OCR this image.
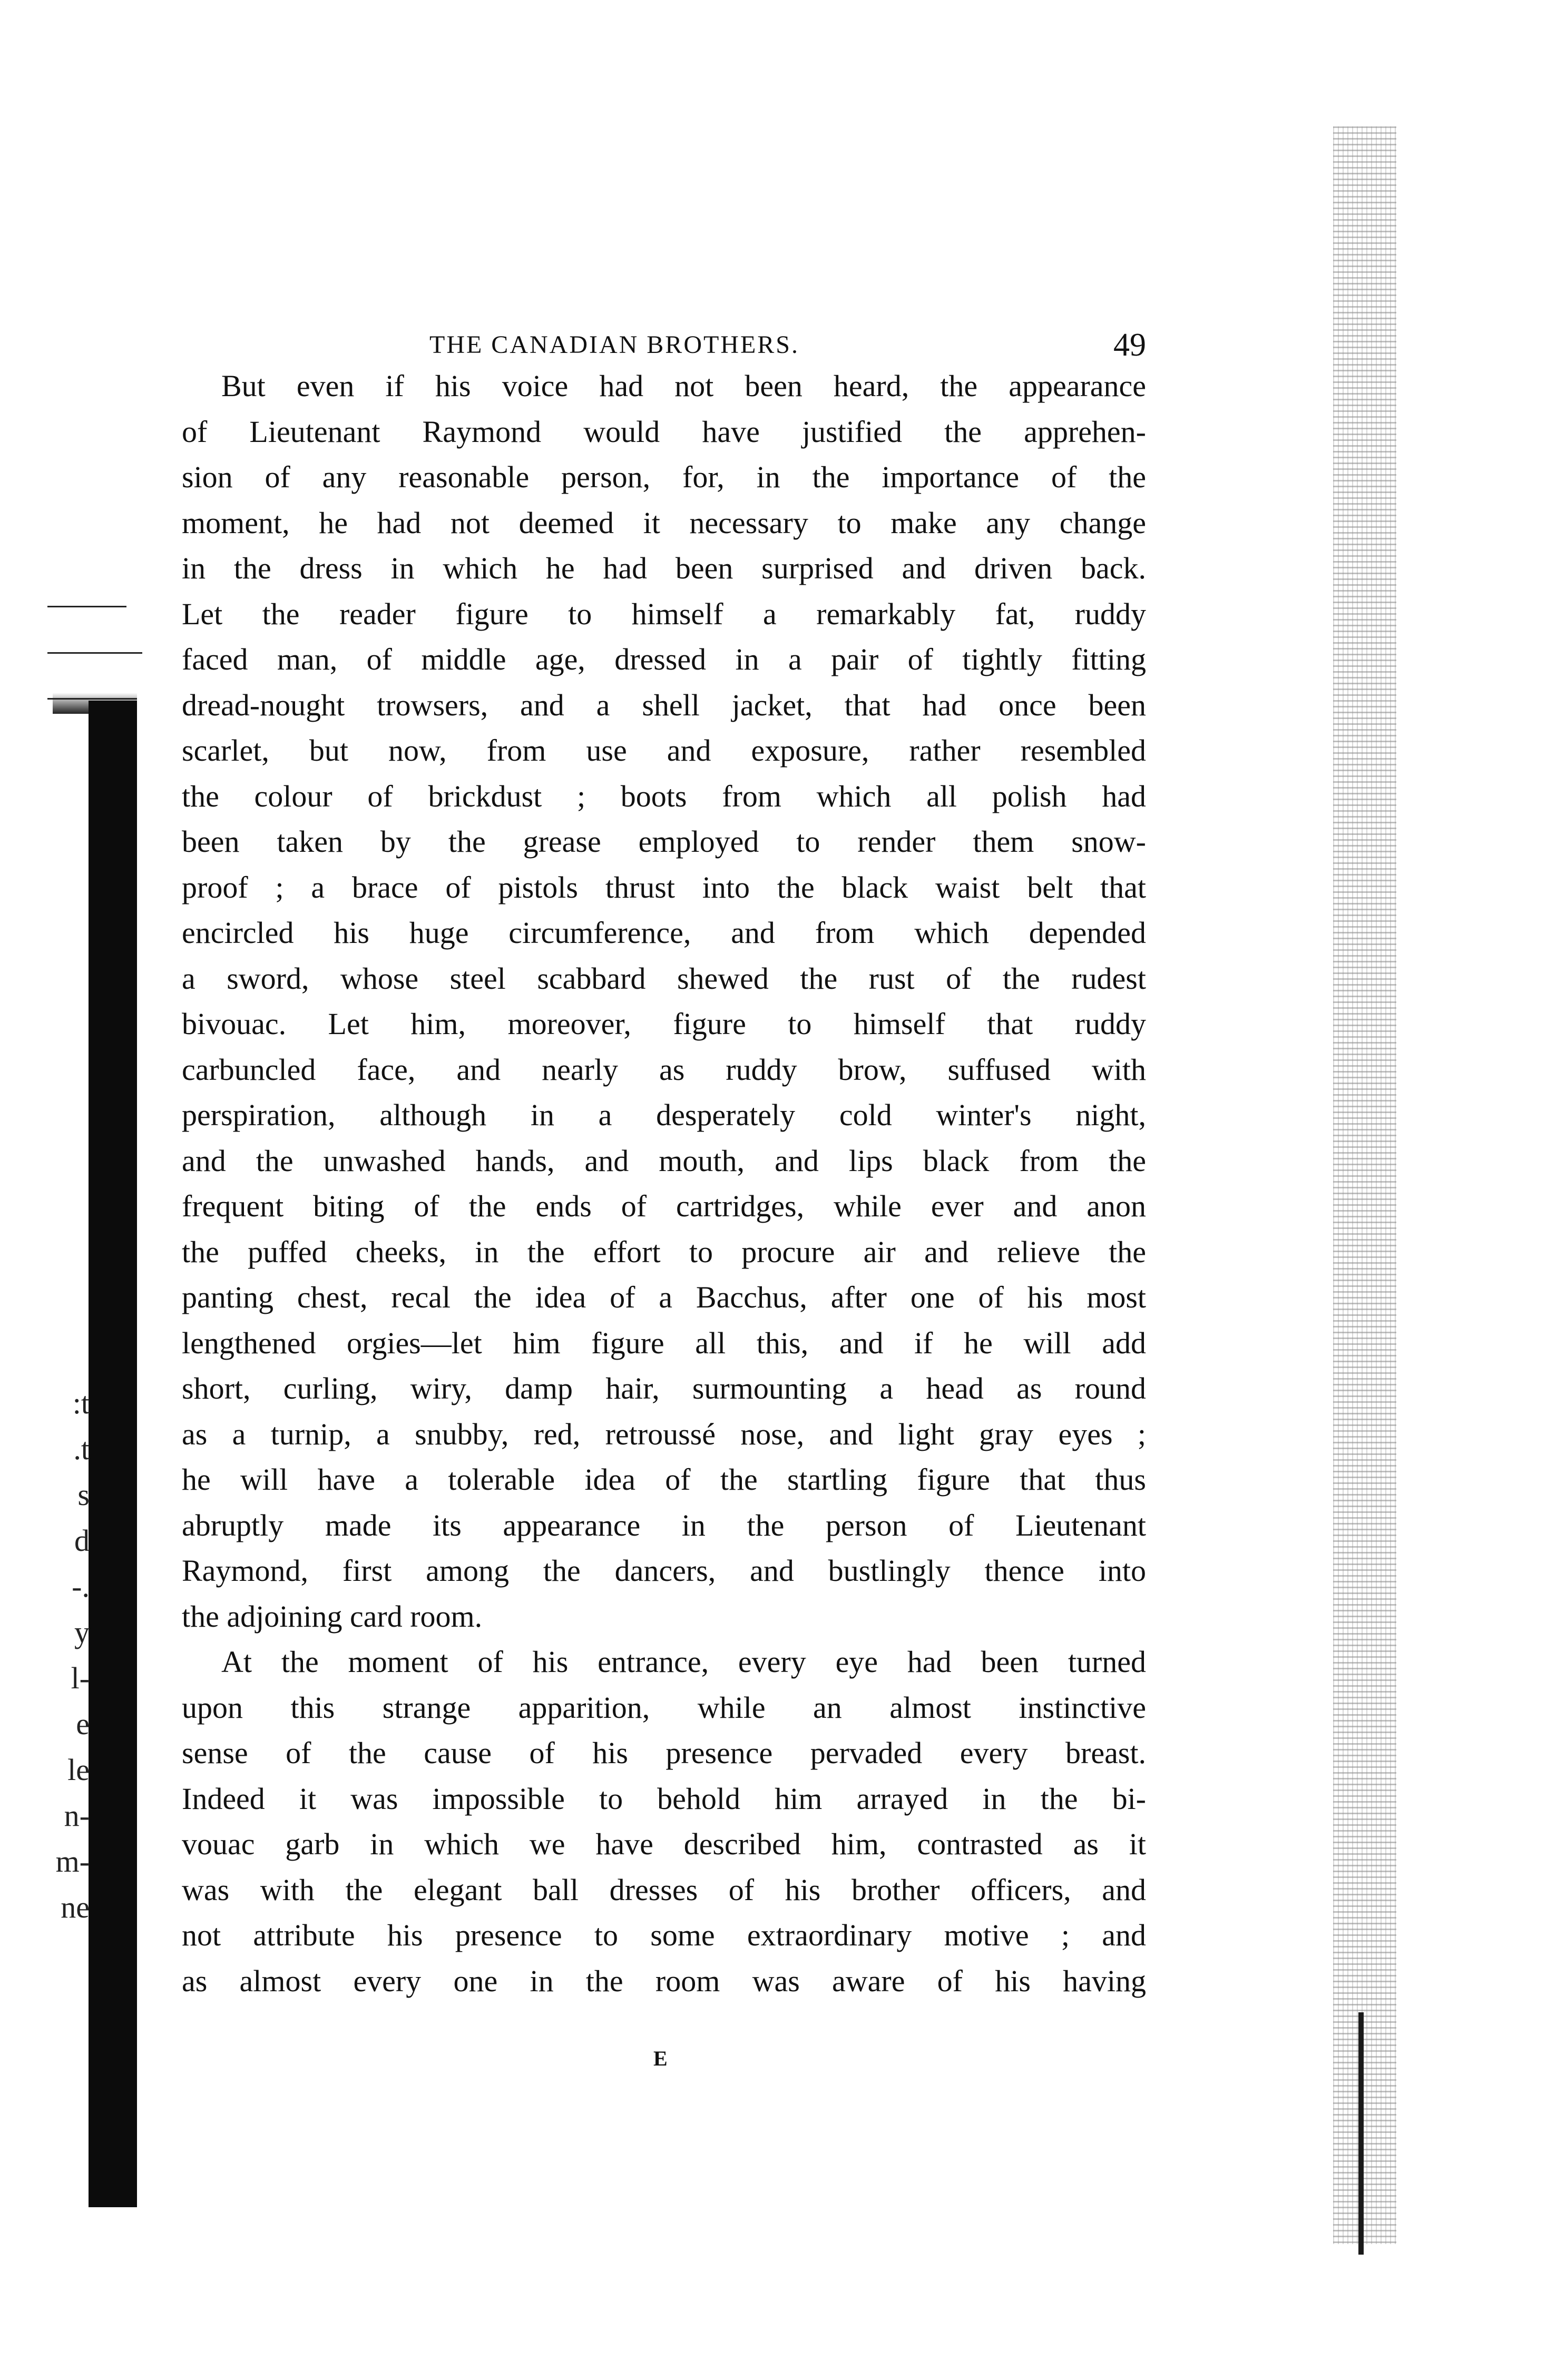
:t
.t
s
d
-.
y
l-
e
le
n-
m-
ne
THE CANADIAN BROTHERS.	49
But even if his voice had not been heard, the appearance
of Lieutenant Raymond would have justified the apprehen-
sion of any reasonable person, for, in the importance of the
moment, he had not deemed it necessary to make any change
in the dress in which he had been surprised and driven back.
Let the reader figure to himself a remarkably fat, ruddy
faced man, of middle age, dressed in a pair of tightly fitting
dread-nought trowsers, and a shell jacket, that had once been
scarlet, but now, from use and exposure, rather resembled
the colour of brickdust ; boots from which all polish had
been taken by the grease employed to render them snow-
proof ; a brace of pistols thrust into the black waist belt that
encircled his huge circumference, and from which depended
a sword, whose steel scabbard shewed the rust of the rudest
bivouac. Let him, moreover, figure to himself that ruddy
carbuncled face, and nearly as ruddy brow, suffused with
perspiration, although in a desperately cold winter's night,
and the unwashed hands, and mouth, and lips black from the
frequent biting of the ends of cartridges, while ever and anon
the puffed cheeks, in the effort to procure air and relieve the
panting chest, recal the idea of a Bacchus, after one of his most
lengthened orgies—let him figure all this, and if he will add
short, curling, wiry, damp hair, surmounting a head as round
as a turnip, a snubby, red, retroussé nose, and light gray eyes ;
he will have a tolerable idea of the startling figure that thus
abruptly made its appearance in the person of Lieutenant
Raymond, first among the dancers, and bustlingly thence into
the adjoining card room.
At the moment of his entrance, every eye had been turned
upon this strange apparition, while an almost instinctive
sense of the cause of his presence pervaded every breast.
Indeed it was impossible to behold him arrayed in the bi-
vouac garb in which we have described him, contrasted as it
was with the elegant ball dresses of his brother officers, and
not attribute his presence to some extraordinary motive ; and
as almost every one in the room was aware of his having
E
